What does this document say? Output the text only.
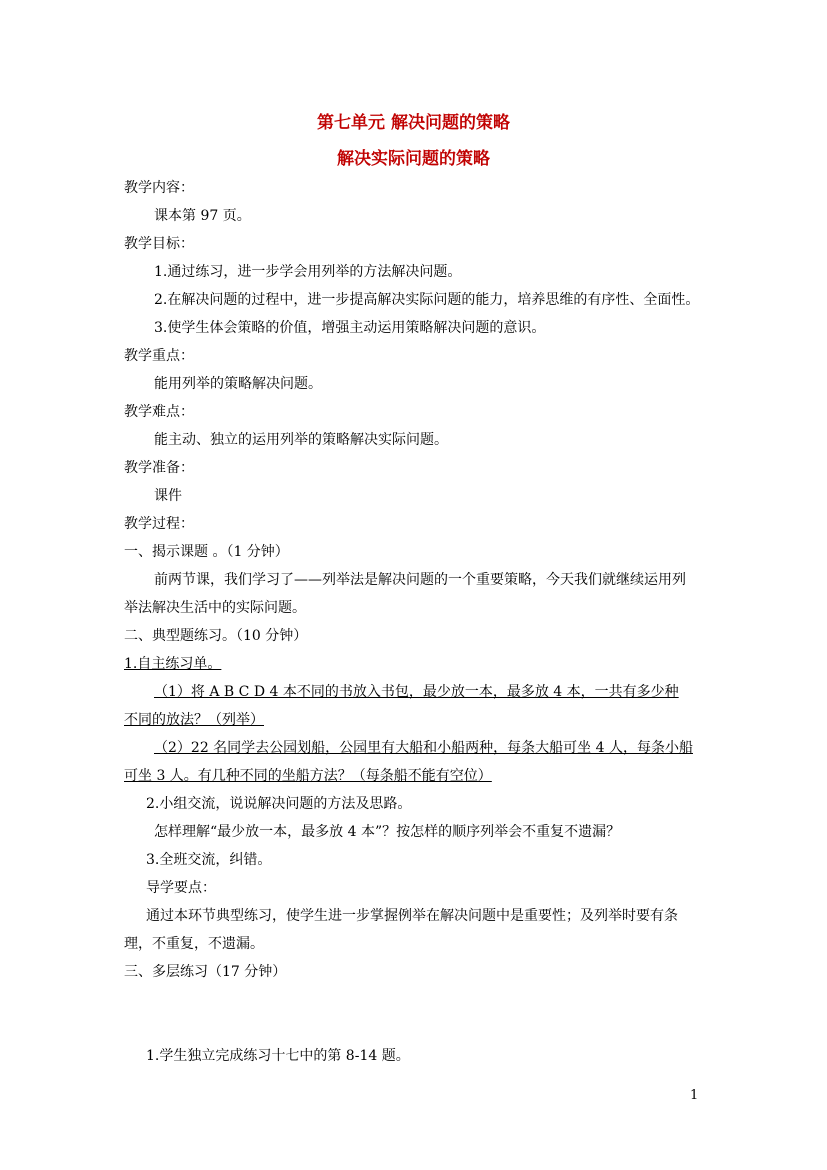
第七单元 解决问题的策略
解决实际问题的策略
教学内容：
课本第 97 页。
教学目标：
1.通过练习，进一步学会用列举的方法解决问题。
2.在解决问题的过程中，进一步提高解决实际问题的能力，培养思维的有序性、全面性。
3.使学生体会策略的价值，增强主动运用策略解决问题的意识。
教学重点：
能用列举的策略解决问题。
教学难点：
能主动、独立的运用列举的策略解决实际问题。
教学准备：
课件
教学过程：
一、揭示课题 。（1 分钟）
前两节课，我们学习了——列举法是解决问题的一个重要策略，今天我们就继续运用列
举法解决生活中的实际问题。
二、典型题练习。（10 分钟）
1.自主练习单。
（1）将 A B C D 4 本不同的书放入书包，最少放一本，最多放 4 本，一共有多少种
不同的放法？（列举）
（2）22 名同学去公园划船，公园里有大船和小船两种，每条大船可坐 4 人，每条小船
可坐 3 人。有几种不同的坐船方法？（每条船不能有空位）
2.小组交流，说说解决问题的方法及思路。
怎样理解“最少放一本，最多放 4 本”？按怎样的顺序列举会不重复不遗漏？
3.全班交流，纠错。
导学要点：
通过本环节典型练习，使学生进一步掌握例举在解决问题中是重要性；及列举时要有条
理，不重复，不遗漏。
三、多层练习（17 分钟）
1.学生独立完成练习十七中的第 8-14 题。
1
